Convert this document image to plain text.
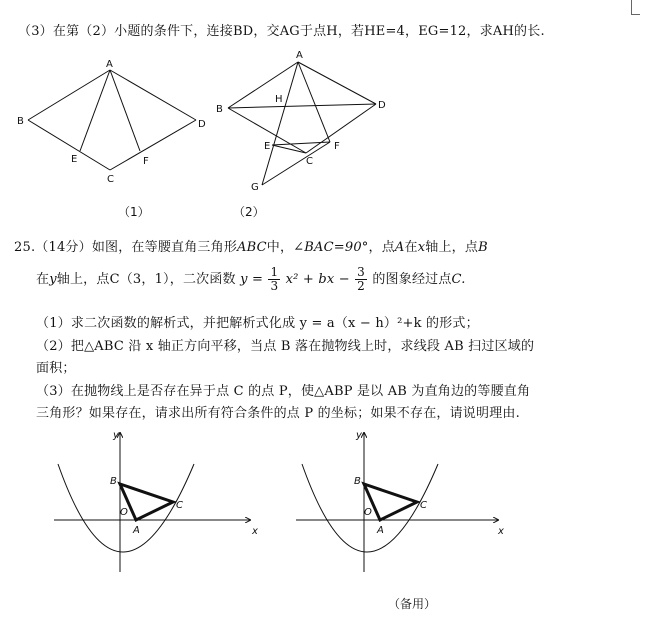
（3）在第（2）小题的条件下，连接BD，交AG于点H，若HE=4，EG=12，求AH的长.
A
B	D
E	F
C
（1）
A
B	D
H
E	F
C
G
（2）
25.（14分）如图，在等腰直角三角形ABC中，∠BAC=90°，点A在x轴上，点B
在y轴上，点C（3，1），二次函数 $y = \frac{1}{3} x^2$ + bx − $\frac{3}{2}$ 的图象经过点C.
（1）求二次函数的解析式，并把解析式化成 y = a（x − h）²+k 的形式；
（2）把△ABC 沿 x 轴正方向平移，当点 B 落在抛物线上时，求线段 AB 扫过区域的
面积；
（3）在抛物线上是否存在异于点 C 的点 P，使△ABP 是以 AB 为直角边的等腰直角
三角形？如果存在，请求出所有符合条件的点 P 的坐标；如果不存在，请说明理由.
y
x
B
C
O
A
y
x
B
C
O
A
（备用）
